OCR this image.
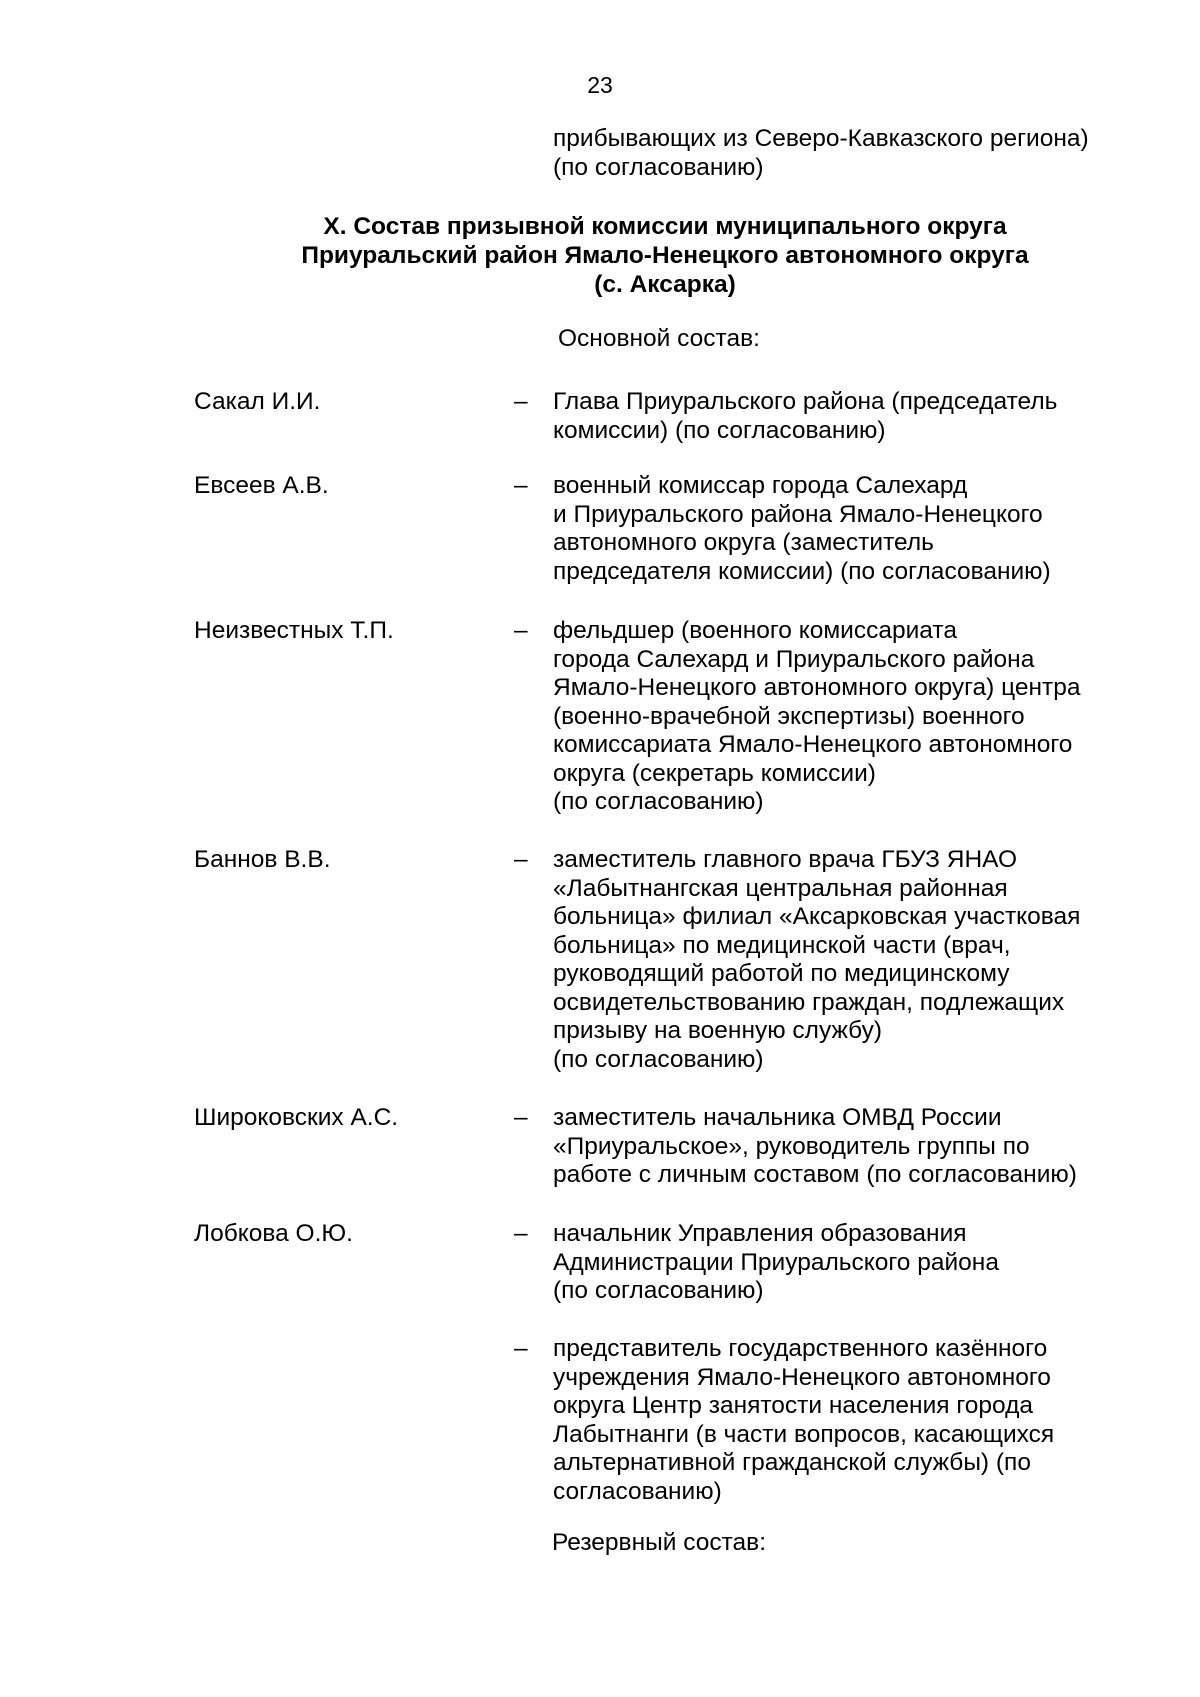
23
прибывающих из Северо-Кавказского региона)
(по согласованию)
X. Состав призывной комиссии муниципального округа
Приуральский район Ямало-Ненецкого автономного округа
(с. Аксарка)
Основной состав:
Сакал И.И.	– Глава Приуральского района (председатель
комиссии) (по согласованию)
Евсеев А.В.	– военный комиссар города Салехард
и Приуральского района Ямало-Ненецкого
автономного округа (заместитель
председателя комиссии) (по согласованию)
Неизвестных Т.П.	– фельдшер (военного комиссариата
города Салехард и Приуральского района
Ямало-Ненецкого автономного округа) центра
(военно-врачебной экспертизы) военного
комиссариата Ямало-Ненецкого автономного
округа (секретарь комиссии)
(по согласованию)
Баннов В.В.	– заместитель главного врача ГБУЗ ЯНАО
«Лабытнангская центральная районная
больница» филиал «Аксарковская участковая
больница» по медицинской части (врач,
руководящий работой по медицинскому
освидетельствованию граждан, подлежащих
призыву на военную службу)
(по согласованию)
Широковских А.С.	– заместитель начальника ОМВД России
«Приуральское», руководитель группы по
работе с личным составом (по согласованию)
Лобкова О.Ю.	– начальник Управления образования
Администрации Приуральского района
(по согласованию)
– представитель государственного казённого
учреждения Ямало-Ненецкого автономного
округа Центр занятости населения города
Лабытнанги (в части вопросов, касающихся
альтернативной гражданской службы) (по
согласованию)
Резервный состав:
